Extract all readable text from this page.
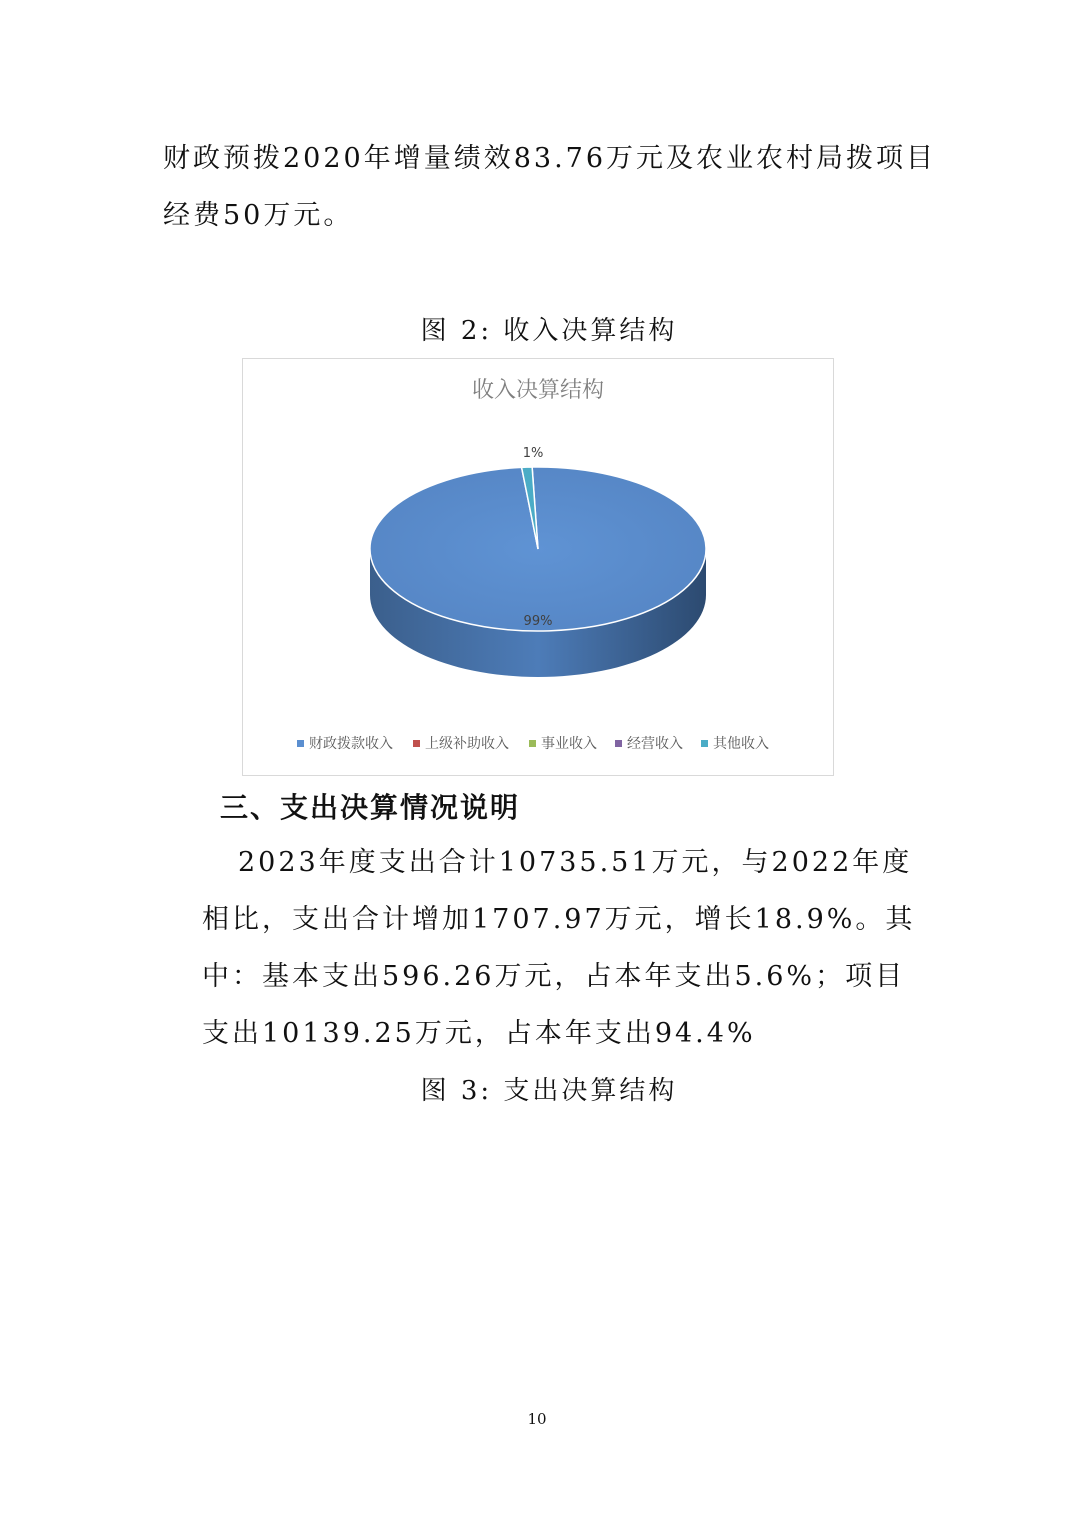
财政预拨2020年增量绩效83.76万元及农业农村局拨项目经费50万元。

图 2: 收入决算结构

收入决算结构
99%
1%
财政拨款收入 上级补助收入 事业收入 经营收入 其他收入
三、支出决算情况说明

2023年度支出合计10735.51万元，与2022年度相比，支出合计增加1707.97万元，增长18.9%。其中：基本支出596.26万元，占本年支出5.6%；项目支出10139.25万元，占本年支出94.4%

图 3: 支出决算结构

10
